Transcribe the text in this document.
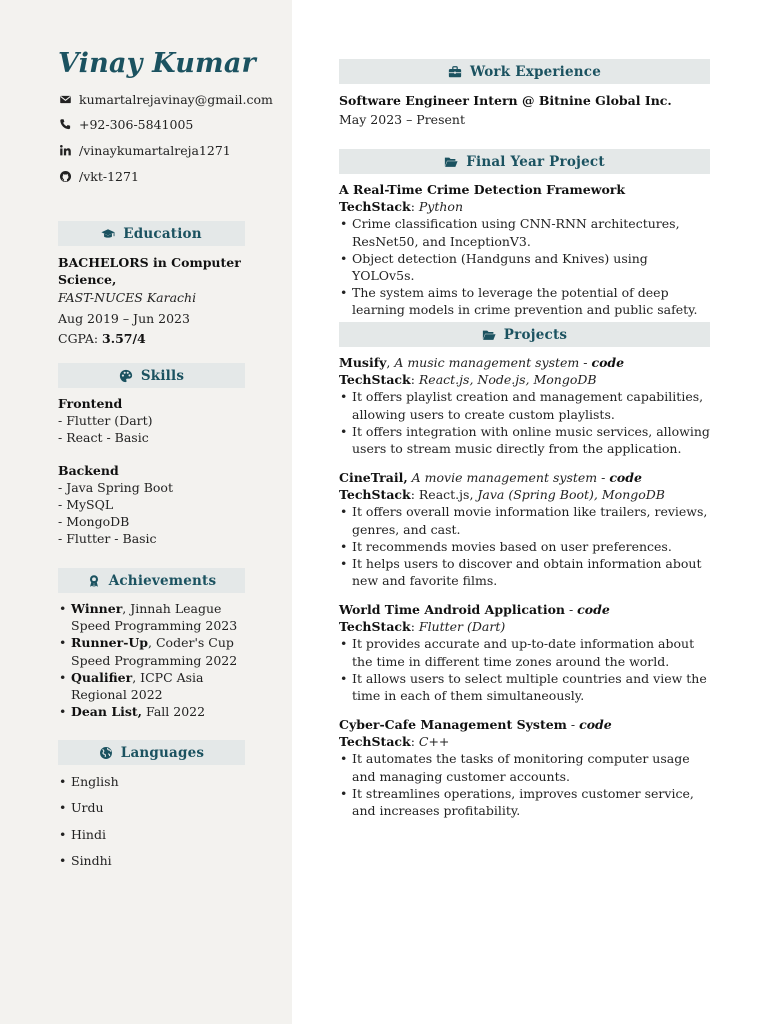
Vinay Kumar
kumartalrejavinay@gmail.com
+92-306-5841005
/vinaykumartalreja1271
/vkt-1271
Education
BACHELORS in Computer Science,
FAST-NUCES Karachi
Aug 2019 – Jun 2023
CGPA: 3.57/4
Skills
Frontend
- Flutter (Dart)
- React - Basic
Backend
- Java Spring Boot
- MySQL
- MongoDB
- Flutter - Basic
Achievements
• Winner, Jinnah League Speed Programming 2023
• Runner-Up, Coder's Cup Speed Programming 2022
• Qualifier, ICPC Asia Regional 2022
• Dean List, Fall 2022
Languages
• English
• Urdu
• Hindi
• Sindhi
Work Experience
Software Engineer Intern @ Bitnine Global Inc.
May 2023 – Present
Final Year Project
A Real-Time Crime Detection Framework
TechStack: Python
• Crime classification using CNN-RNN architectures, ResNet50, and InceptionV3.
• Object detection (Handguns and Knives) using YOLOv5s.
• The system aims to leverage the potential of deep learning models in crime prevention and public safety.
Projects
Musify, A music management system - code
TechStack: React.js, Node.js, MongoDB
• It offers playlist creation and management capabilities, allowing users to create custom playlists.
• It offers integration with online music services, allowing users to stream music directly from the application.
CineTrail, A movie management system - code
TechStack: React.js, Java (Spring Boot), MongoDB
• It offers overall movie information like trailers, reviews, genres, and cast.
• It recommends movies based on user preferences.
• It helps users to discover and obtain information about new and favorite films.
World Time Android Application - code
TechStack: Flutter (Dart)
• It provides accurate and up-to-date information about the time in different time zones around the world.
• It allows users to select multiple countries and view the time in each of them simultaneously.
Cyber-Cafe Management System - code
TechStack: C++
• It automates the tasks of monitoring computer usage and managing customer accounts.
• It streamlines operations, improves customer service, and increases profitability.
